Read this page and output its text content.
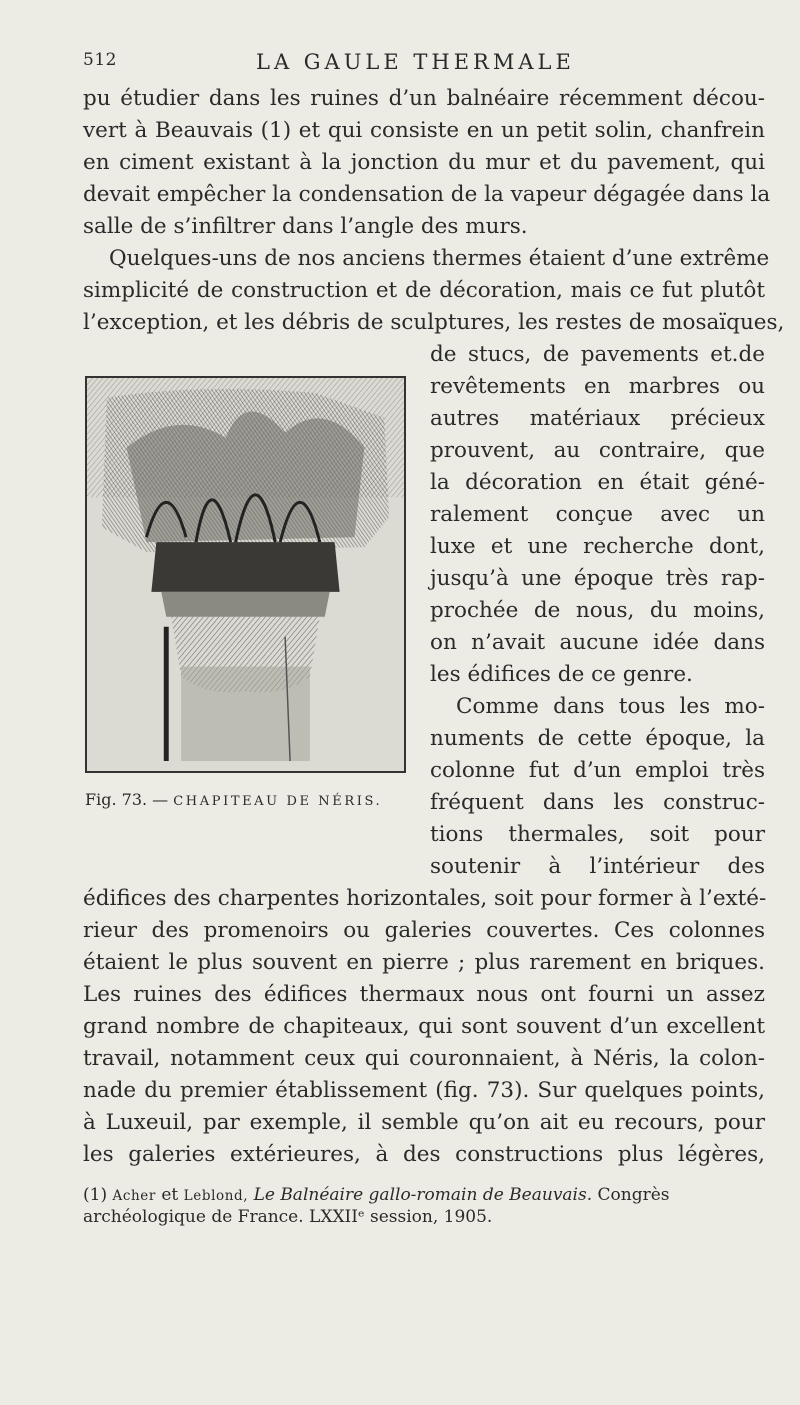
512	LA GAULE THERMALE
pu étudier dans les ruines d’un balnéaire récemment décou-
vert à Beauvais (1) et qui consiste en un petit solin, chanfrein
en ciment existant à la jonction du mur et du pavement, qui
devait empêcher la condensation de la vapeur dégagée dans la
salle de s’infiltrer dans l’angle des murs.
Quelques-uns de nos anciens thermes étaient d’une extrême
simplicité de construction et de décoration, mais ce fut plutôt
l’exception, et les débris de sculptures, les restes de mosaïques,
de stucs, de pavements et.de
revêtements en marbres ou
autres matériaux précieux
prouvent, au contraire, que
la décoration en était géné-
ralement conçue avec un
luxe et une recherche dont,
jusqu’à une époque très rap-
prochée de nous, du moins,
on n’avait aucune idée dans
les édifices de ce genre.
Comme dans tous les mo-
numents de cette époque, la
colonne fut d’un emploi très
fréquent dans les construc-
tions thermales, soit pour
soutenir à l’intérieur des
Fig. 73. — CHAPITEAU DE NÉRIS.
édifices des charpentes horizontales, soit pour former à l’exté-
rieur des promenoirs ou galeries couvertes. Ces colonnes
étaient le plus souvent en pierre ; plus rarement en briques.
Les ruines des édifices thermaux nous ont fourni un assez
grand nombre de chapiteaux, qui sont souvent d’un excellent
travail, notamment ceux qui couronnaient, à Néris, la colon-
nade du premier établissement (fig. 73). Sur quelques points,
à Luxeuil, par exemple, il semble qu’on ait eu recours, pour
les galeries extérieures, à des constructions plus légères,
(1) Acher et Leblond, Le Balnéaire gallo-romain de Beauvais. Congrès
archéologique de France. LXXIIᵉ session, 1905.
